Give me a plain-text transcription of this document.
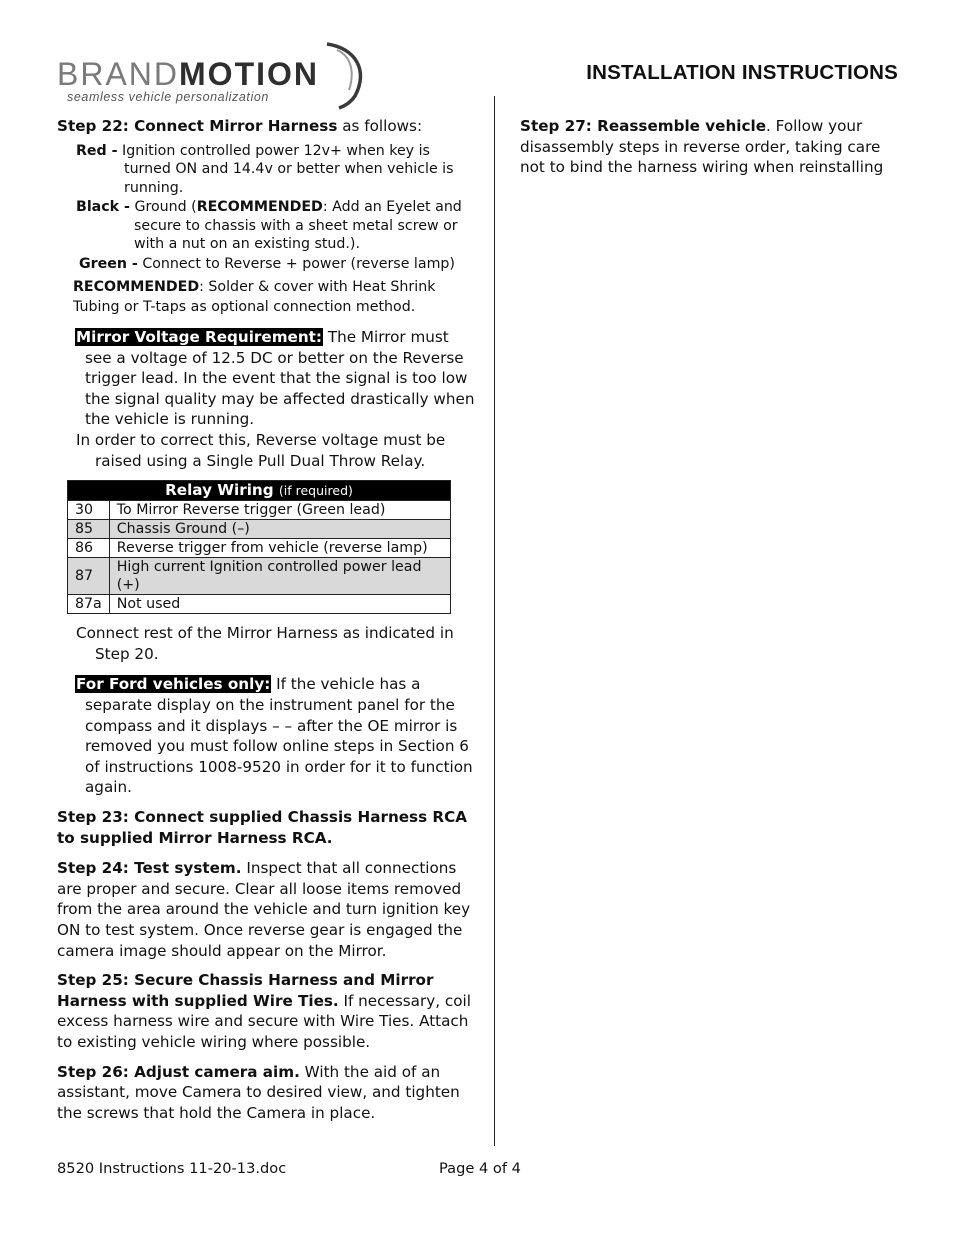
BRANDMOTION
seamless vehicle personalization
INSTALLATION INSTRUCTIONS

Step 22: Connect Mirror Harness as follows:

Red - Ignition controlled power 12v+ when key is turned ON and 14.4v or better when vehicle is running.

Black - Ground (RECOMMENDED: Add an Eyelet and secure to chassis with a sheet metal screw or with a nut on an existing stud.).

Green - Connect to Reverse + power (reverse lamp)

RECOMMENDED: Solder & cover with Heat Shrink Tubing or T-taps as optional connection method.

Mirror Voltage Requirement: The Mirror must see a voltage of 12.5 DC or better on the Reverse trigger lead. In the event that the signal is too low the signal quality may be affected drastically when the vehicle is running.

In order to correct this, Reverse voltage must be raised using a Single Pull Dual Throw Relay.

Relay Wiring (if required)	
30	To Mirror Reverse trigger (Green lead)
85	Chassis Ground (–)
86	Reverse trigger from vehicle (reverse lamp)
87	High current Ignition controlled power lead (+)
87a	Not used

Connect rest of the Mirror Harness as indicated in Step 20.

For Ford vehicles only: If the vehicle has a separate display on the instrument panel for the compass and it displays – – after the OE mirror is removed you must follow online steps in Section 6 of instructions 1008-9520 in order for it to function again.

Step 23: Connect supplied Chassis Harness RCA to supplied Mirror Harness RCA.

Step 24: Test system. Inspect that all connections are proper and secure. Clear all loose items removed from the area around the vehicle and turn ignition key ON to test system. Once reverse gear is engaged the camera image should appear on the Mirror.

Step 25: Secure Chassis Harness and Mirror Harness with supplied Wire Ties. If necessary, coil excess harness wire and secure with Wire Ties. Attach to existing vehicle wiring where possible.

Step 26: Adjust camera aim. With the aid of an assistant, move Camera to desired view, and tighten the screws that hold the Camera in place.

Step 27: Reassemble vehicle. Follow your disassembly steps in reverse order, taking care not to bind the harness wiring when reinstalling

8520 Instructions 11-20-13.doc	Page 4 of 4
